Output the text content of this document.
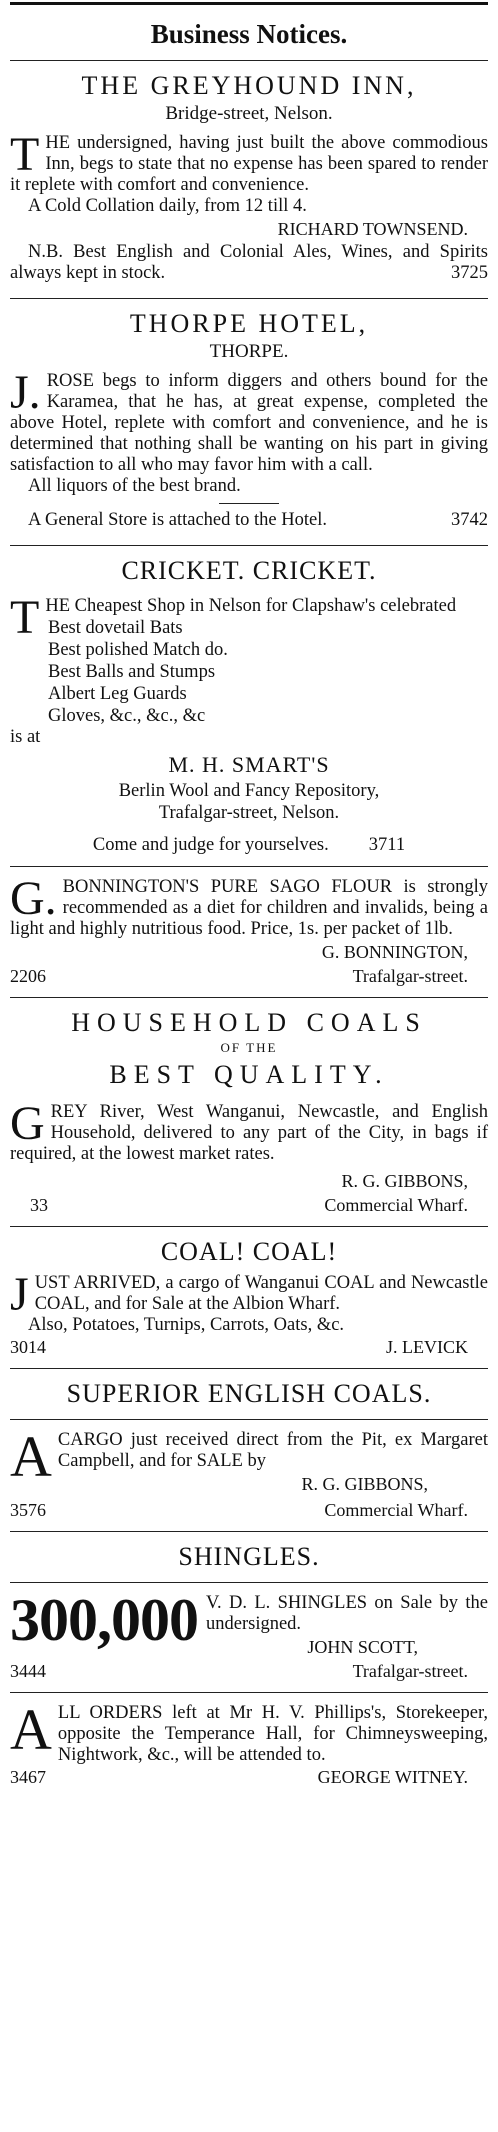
Business Notices.
THE GREYHOUND INN,
Bridge-street, Nelson.

THE undersigned, having just built the above commodious Inn, begs to state that no expense has been spared to render it replete with comfort and convenience.

A Cold Collation daily, from 12 till 4.

RICHARD TOWNSEND.

N.B. Best English and Colonial Ales, Wines, and Spirits always kept in stock.	3725

THORPE HOTEL,
THORPE.

J. ROSE begs to inform diggers and others bound for the Karamea, that he has, at great expense, completed the above Hotel, replete with comfort and convenience, and he is determined that nothing shall be wanting on his part in giving satisfaction to all who may favor him with a call.

All liquors of the best brand.

A General Store is attached to the Hotel.	3742

CRICKET. CRICKET.

THE Cheapest Shop in Nelson for Clapshaw's celebrated

Best dovetail Bats
Best polished Match do.
Best Balls and Stumps
Albert Leg Guards
Gloves, &c., &c., &c

is at

M. H. SMART'S
Berlin Wool and Fancy Repository,
Trafalgar-street, Nelson.
Come and judge for yourselves. 3711

G. BONNINGTON'S PURE SAGO FLOUR is strongly recommended as a diet for children and invalids, being a light and highly nutritious food. Price, 1s. per packet of 1lb.

G. BONNINGTON,
2206	Trafalgar-street.
HOUSEHOLD COALS
OF THE
BEST QUALITY.

GREY River, West Wanganui, Newcastle, and English Household, delivered to any part of the City, in bags if required, at the lowest market rates.

R. G. GIBBONS,
33	Commercial Wharf.
COAL! COAL!

JUST ARRIVED, a cargo of Wanganui COAL and Newcastle COAL, and for Sale at the Albion Wharf.

Also, Potatoes, Turnips, Carrots, Oats, &c.

3014	J. LEVICK
SUPERIOR ENGLISH COALS.

ACARGO just received direct from the Pit, ex Margaret Campbell, and for SALE by

R. G. GIBBONS,
3576	Commercial Wharf.
SHINGLES.

300,000 V. D. L. SHINGLES on Sale by the undersigned.

JOHN SCOTT,
3444	Trafalgar-street.

ALL ORDERS left at Mr H. V. Phillips's, Storekeeper, opposite the Temperance Hall, for Chimneysweeping, Nightwork, &c., will be attended to.

3467	GEORGE WITNEY.
